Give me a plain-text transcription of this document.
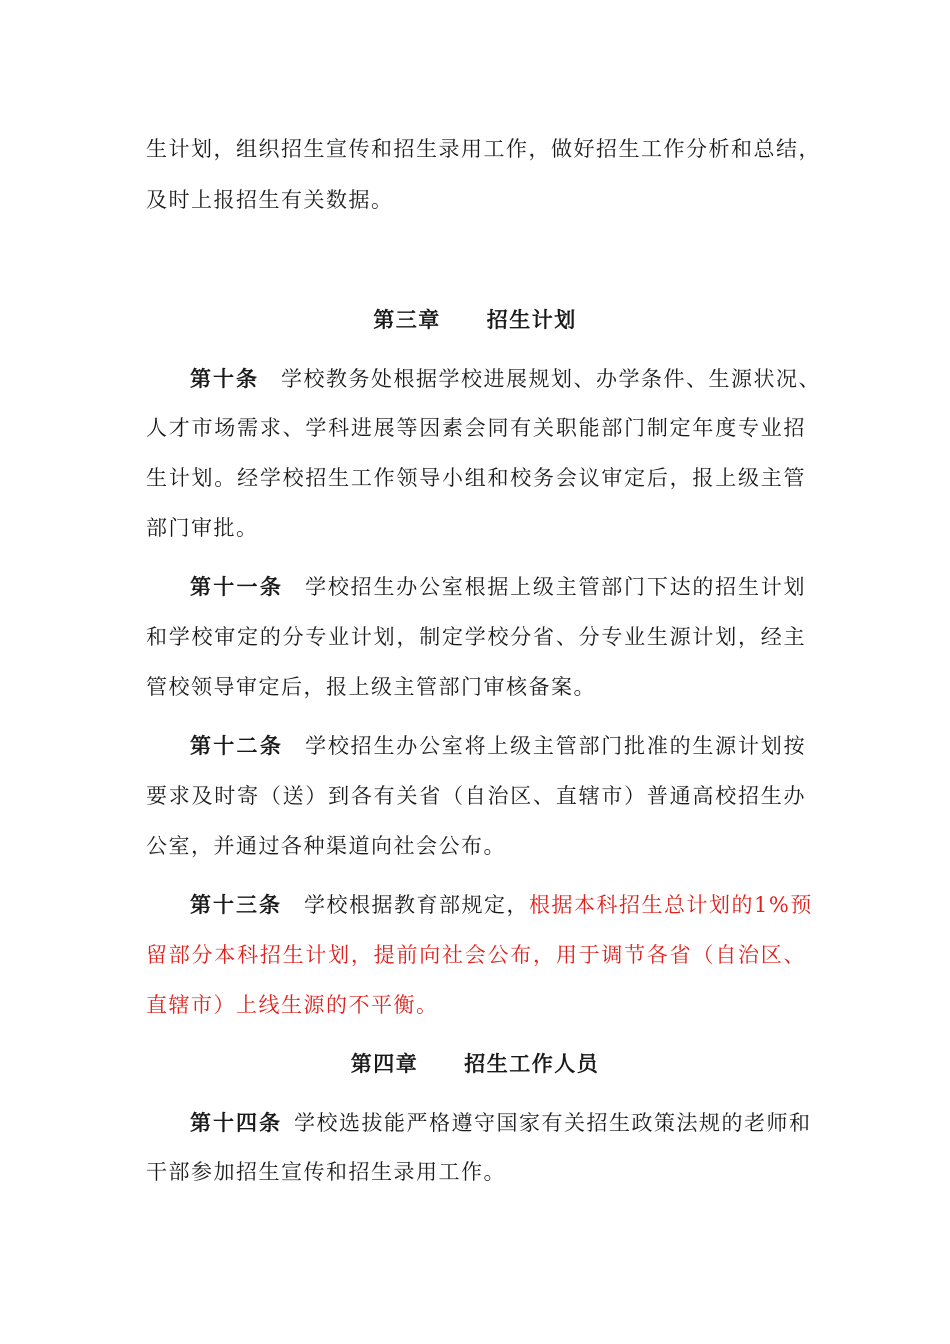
生计划，组织招生宣传和招生录用工作，做好招生工作分析和总结，
及时上报招生有关数据。
第三章 招生计划
第十条 学校教务处根据学校进展规划、办学条件、生源状况、
人才市场需求、学科进展等因素会同有关职能部门制定年度专业招
生计划。经学校招生工作领导小组和校务会议审定后，报上级主管
部门审批。
第十一条 学校招生办公室根据上级主管部门下达的招生计划
和学校审定的分专业计划，制定学校分省、分专业生源计划，经主
管校领导审定后，报上级主管部门审核备案。
第十二条 学校招生办公室将上级主管部门批准的生源计划按
要求及时寄（送）到各有关省（自治区、直辖市）普通高校招生办
公室，并通过各种渠道向社会公布。
第十三条 学校根据教育部规定，根据本科招生总计划的1%预
留部分本科招生计划，提前向社会公布，用于调节各省（自治区、
直辖市）上线生源的不平衡。
第四章 招生工作人员
第十四条 学校选拔能严格遵守国家有关招生政策法规的老师和
干部参加招生宣传和招生录用工作。
